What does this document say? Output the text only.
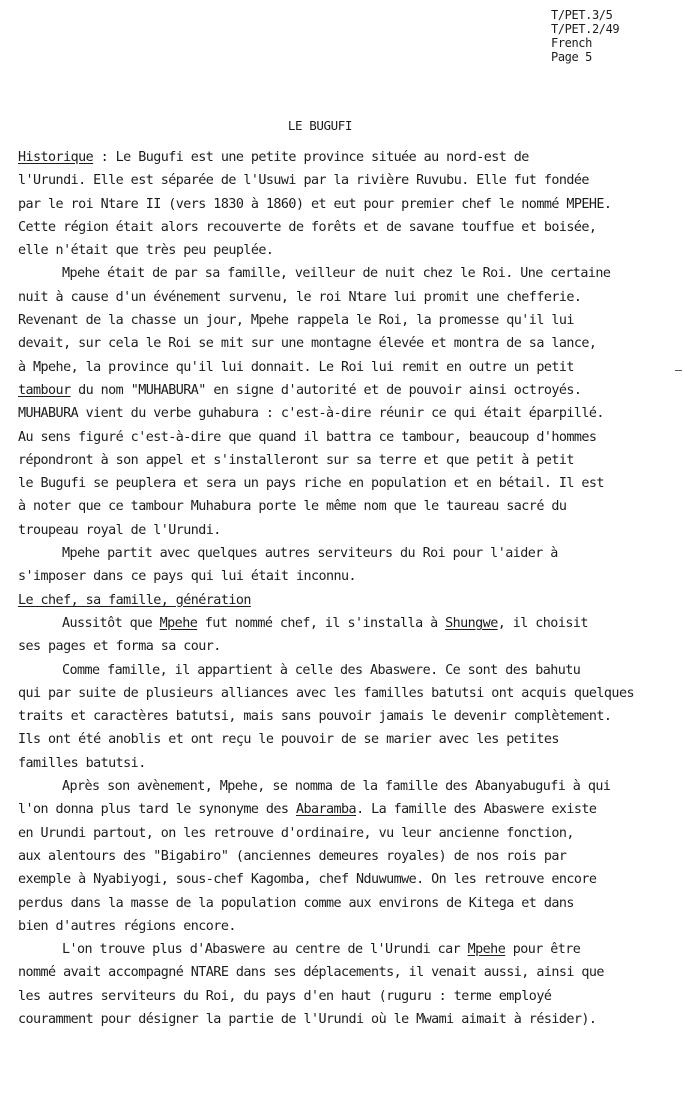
T/PET.3/5
T/PET.2/49
French
Page 5
LE BUGUFI
Historique : Le Bugufi est une petite province située au nord-est de
l'Urundi. Elle est séparée de l'Usuwi par la rivière Ruvubu. Elle fut fondée
par le roi Ntare II (vers 1830 à 1860) et eut pour premier chef le nommé MPEHE.
Cette région était alors recouverte de forêts et de savane touffue et boisée,
elle n'était que très peu peuplée.
Mpehe était de par sa famille, veilleur de nuit chez le Roi. Une certaine
nuit à cause d'un événement survenu, le roi Ntare lui promit une chefferie.
Revenant de la chasse un jour, Mpehe rappela le Roi, la promesse qu'il lui
devait, sur cela le Roi se mit sur une montagne élevée et montra de sa lance,
à Mpehe, la province qu'il lui donnait. Le Roi lui remit en outre un petit
tambour du nom "MUHABURA" en signe d'autorité et de pouvoir ainsi octroyés.
MUHABURA vient du verbe guhabura : c'est-à-dire réunir ce qui était éparpillé.
Au sens figuré c'est-à-dire que quand il battra ce tambour, beaucoup d'hommes
répondront à son appel et s'installeront sur sa terre et que petit à petit
le Bugufi se peuplera et sera un pays riche en population et en bétail. Il est
à noter que ce tambour Muhabura porte le même nom que le taureau sacré du
troupeau royal de l'Urundi.
Mpehe partit avec quelques autres serviteurs du Roi pour l'aider à
s'imposer dans ce pays qui lui était inconnu.
Le chef, sa famille, génération
Aussitôt que Mpehe fut nommé chef, il s'installa à Shungwe, il choisit
ses pages et forma sa cour.
Comme famille, il appartient à celle des Abaswere. Ce sont des bahutu
qui par suite de plusieurs alliances avec les familles batutsi ont acquis quelques
traits et caractères batutsi, mais sans pouvoir jamais le devenir complètement.
Ils ont été anoblis et ont reçu le pouvoir de se marier avec les petites
familles batutsi.
Après son avènement, Mpehe, se nomma de la famille des Abanyabugufi à qui
l'on donna plus tard le synonyme des Abaramba. La famille des Abaswere existe
en Urundi partout, on les retrouve d'ordinaire, vu leur ancienne fonction,
aux alentours des "Bigabiro" (anciennes demeures royales) de nos rois par
exemple à Nyabiyogi, sous-chef Kagomba, chef Nduwumwe. On les retrouve encore
perdus dans la masse de la population comme aux environs de Kitega et dans
bien d'autres régions encore.
L'on trouve plus d'Abaswere au centre de l'Urundi car Mpehe pour être
nommé avait accompagné NTARE dans ses déplacements, il venait aussi, ainsi que
les autres serviteurs du Roi, du pays d'en haut (ruguru : terme employé
couramment pour désigner la partie de l'Urundi où le Mwami aimait à résider).
